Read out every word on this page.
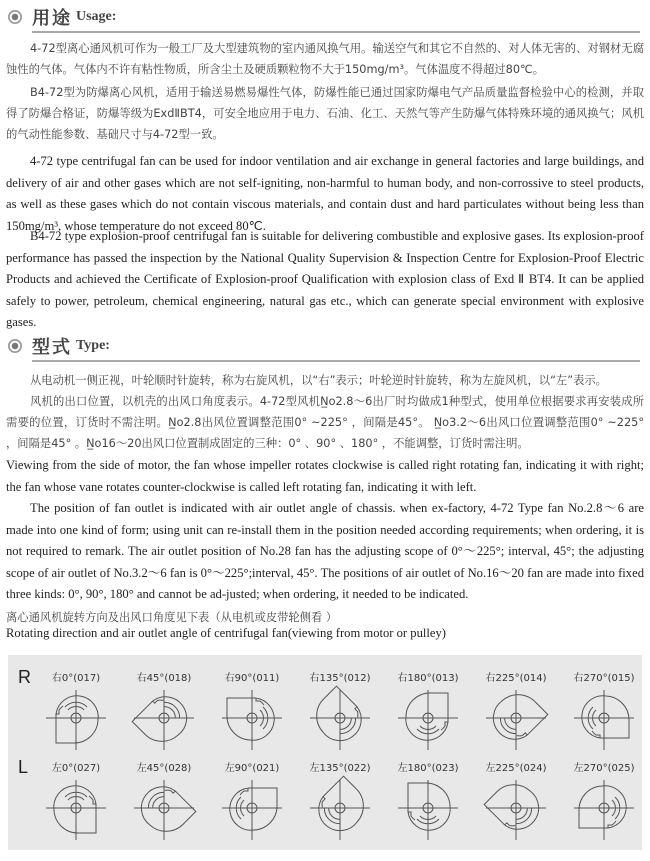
用途 Usage:

4-72型离心通风机可作为一般工厂及大型建筑物的室内通风换气用。输送空气和其它不自然的、对人体无害的、对钢材无腐蚀性的气体。气体内不许有粘性物质，所含尘土及硬质颗粒物不大于150mg/m³。气体温度不得超过80℃。

B4-72型为防爆离心风机，适用于输送易燃易爆性气体，防爆性能已通过国家防爆电气产品质量监督检验中心的检测，并取得了防爆合格证，防爆等级为ExdⅡBT4，可安全地应用于电力、石油、化工、天然气等产生防爆气体特殊环境的通风换气；风机的气动性能参数、基础尺寸与4-72型一致。

4-72 type centrifugal fan can be used for indoor ventilation and air exchange in general factories and large buildings, and delivery of air and other gases which are not self-igniting, non-harmful to human body, and non-corrossive to steel products, as well as these gases which do not contain viscous materials, and contain dust and hard particulates without being less than 150mg/m³, whose temperature do not exceed 80℃.

B4-72 type explosion-proof centrifugal fan is suitable for delivering combustible and explosive gases. Its explosion-proof performance has passed the inspection by the National Quality Supervision & Inspection Centre for Explosion-Proof Electric Products and achieved the Certificate of Explosion-proof Qualification with explosion class of Exd Ⅱ BT4. It can be applied safely to power, petroleum, chemical engineering, natural gas etc., which can generate special environment with explosive gases.

型式 Type:

从电动机一侧正视，叶轮顺时针旋转，称为右旋风机，以“右”表示；叶轮逆时针旋转，称为左旋风机，以“左”表示。

风机的出口位置，以机壳的出风口角度表示。4-72型风机N̲o2.8～6出厂时均做成1种型式，使用单位根据要求再安装成所需要的位置，订货时不需注明。N̲o2.8出风位置调整范围0° ~225° ，间隔是45°。 N̲o3.2～6出风口位置调整范围0° ~225° ，间隔是45° 。N̲o16～20出风口位置制成固定的三种：0° 、90° 、180° ，不能调整，订货时需注明。

Viewing from the side of motor, the fan whose impeller rotates clockwise is called right rotating fan, indicating it with right; the fan whose vane rotates counter-clockwise is called left rotating fan, indicating it with left.

The position of fan outlet is indicated with air outlet angle of chassis. when ex-factory, 4-72 Type fan No.2.8～6 are made into one kind of form; using unit can re-install them in the position needed according requirements; when ordering, it is not required to remark. The air outlet position of No.28 fan has the adjusting scope of 0°～225°; interval, 45°; the adjusting scope of air outlet of No.3.2～6 fan is 0°～225°;interval, 45°. The positions of air outlet of No.16～20 fan are made into fixed three kinds: 0°, 90°, 180° and cannot be ad-justed; when ordering, it needed to be indicated.

离心通风机旋转方向及出风口角度见下表（从电机或皮带轮侧看 ）
Rotating direction and air outlet angle of centrifugal fan(viewing from motor or pulley)
R
L
右0°(017)	右45°(018)	右90°(011)	右135°(012)	右180°(013)	右225°(014)	右270°(015)
左0°(027)	左45°(028)	左90°(021)	左135°(022)	左180°(023)	左225°(024)	左270°(025)
